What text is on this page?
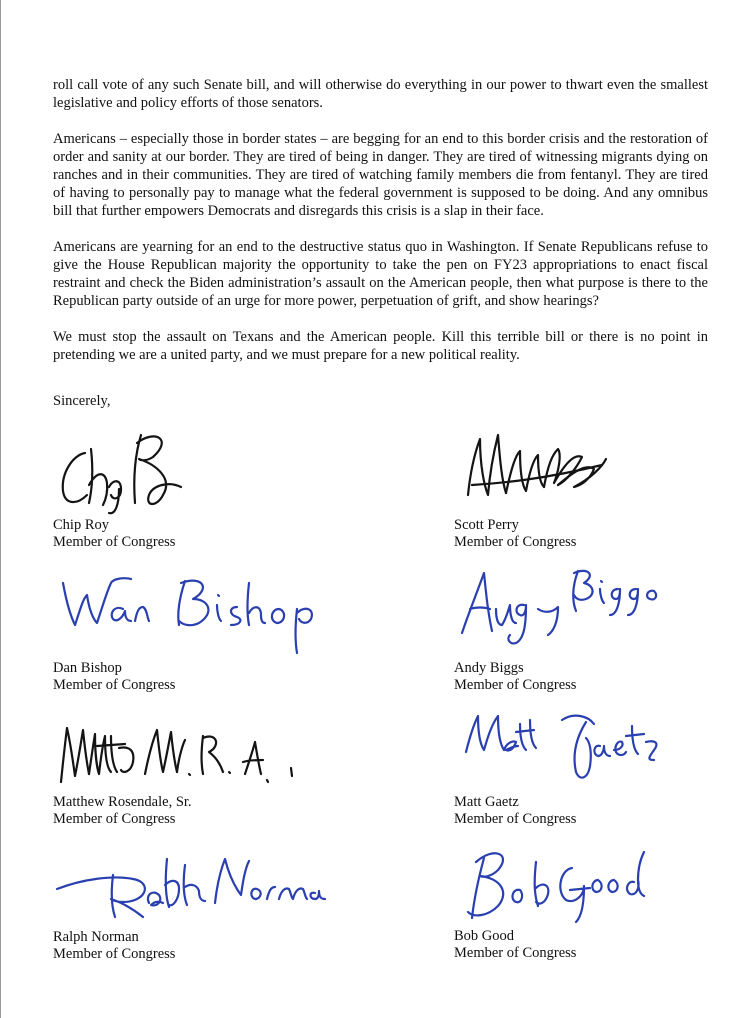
roll call vote of any such Senate bill, and will otherwise do everything in our power to thwart even the smallest legislative and policy efforts of those senators.

Americans – especially those in border states – are begging for an end to this border crisis and the restoration of order and sanity at our border. They are tired of being in danger. They are tired of witnessing migrants dying on ranches and in their communities. They are tired of watching family members die from fentanyl. They are tired of having to personally pay to manage what the federal government is supposed to be doing. And any omnibus bill that further empowers Democrats and disregards this crisis is a slap in their face.

Americans are yearning for an end to the destructive status quo in Washington. If Senate Republicans refuse to give the House Republican majority the opportunity to take the pen on FY23 appropriations to enact fiscal restraint and check the Biden administration’s assault on the American people, then what purpose is there to the Republican party outside of an urge for more power, perpetuation of grift, and show hearings?

We must stop the assault on Texans and the American people. Kill this terrible bill or there is no point in pretending we are a united party, and we must prepare for a new political reality.

Sincerely,
Chip Roy
Member of Congress
Scott Perry
Member of Congress
Dan Bishop
Member of Congress
Andy Biggs
Member of Congress
Matthew Rosendale, Sr.
Member of Congress
Matt Gaetz
Member of Congress
Ralph Norman
Member of Congress
Bob Good
Member of Congress
